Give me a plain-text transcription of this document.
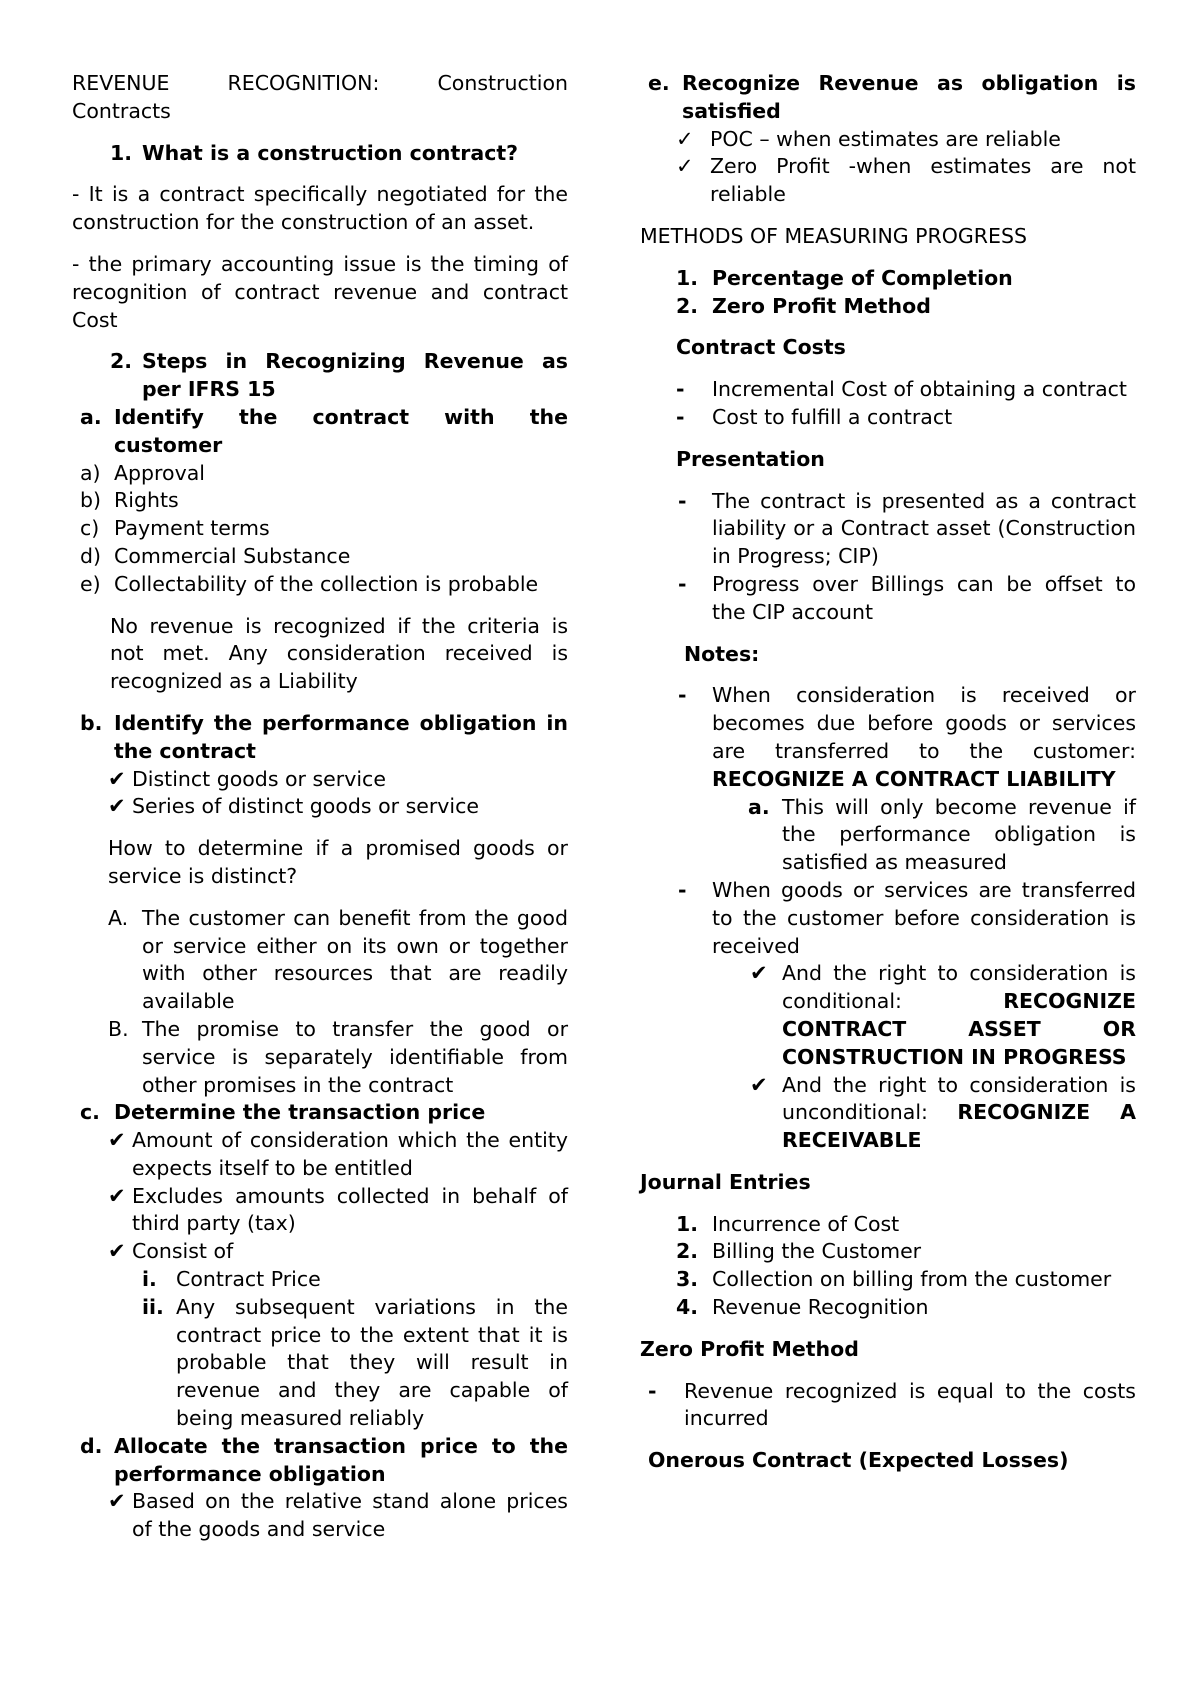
REVENUE RECOGNITION: Construction Contracts

1. What is a construction contract?

- It is a contract specifically negotiated for the construction for the construction of an asset.

- the primary accounting issue is the timing of recognition of contract revenue and contract Cost

2. Steps in Recognizing Revenue as per IFRS 15
a. Identify the contract with the customer
a) Approval
b) Rights
c) Payment terms
d) Commercial Substance
e) Collectability of the collection is probable

No revenue is recognized if the criteria is not met. Any consideration received is recognized as a Liability

b. Identify the performance obligation in the contract
✔ Distinct goods or service
✔ Series of distinct goods or service

How to determine if a promised goods or service is distinct?

A. The customer can benefit from the good or service either on its own or together with other resources that are readily available
B. The promise to transfer the good or service is separately identifiable from other promises in the contract
c. Determine the transaction price
✔ Amount of consideration which the entity expects itself to be entitled
✔ Excludes amounts collected in behalf of third party (tax)
✔ Consist of
i. Contract Price
ii. Any subsequent variations in the contract price to the extent that it is probable that they will result in revenue and they are capable of being measured reliably
d. Allocate the transaction price to the performance obligation
✔ Based on the relative stand alone prices of the goods and service
e. Recognize Revenue as obligation is satisfied
✓ POC – when estimates are reliable
✓ Zero Profit -when estimates are not reliable

METHODS OF MEASURING PROGRESS

1. Percentage of Completion
2. Zero Profit Method

Contract Costs

-	Incremental Cost of obtaining a contract
-	Cost to fulfill a contract

Presentation

-	The contract is presented as a contract liability or a Contract asset (Construction in Progress; CIP)
-	Progress over Billings can be offset to the CIP account

Notes:

-	When consideration is received or becomes due before goods or services are transferred to the customer: RECOGNIZE A CONTRACT LIABILITY
a. This will only become revenue if the performance obligation is satisfied as measured
-	When goods or services are transferred to the customer before consideration is received
✔ And the right to consideration is conditional:	RECOGNIZE CONTRACT ASSET OR CONSTRUCTION IN PROGRESS
✔ And the right to consideration is unconditional: RECOGNIZE A RECEIVABLE

Journal Entries

1. Incurrence of Cost
2. Billing the Customer
3. Collection on billing from the customer
4. Revenue Recognition

Zero Profit Method

-	Revenue recognized is equal to the costs incurred

Onerous Contract (Expected Losses)
